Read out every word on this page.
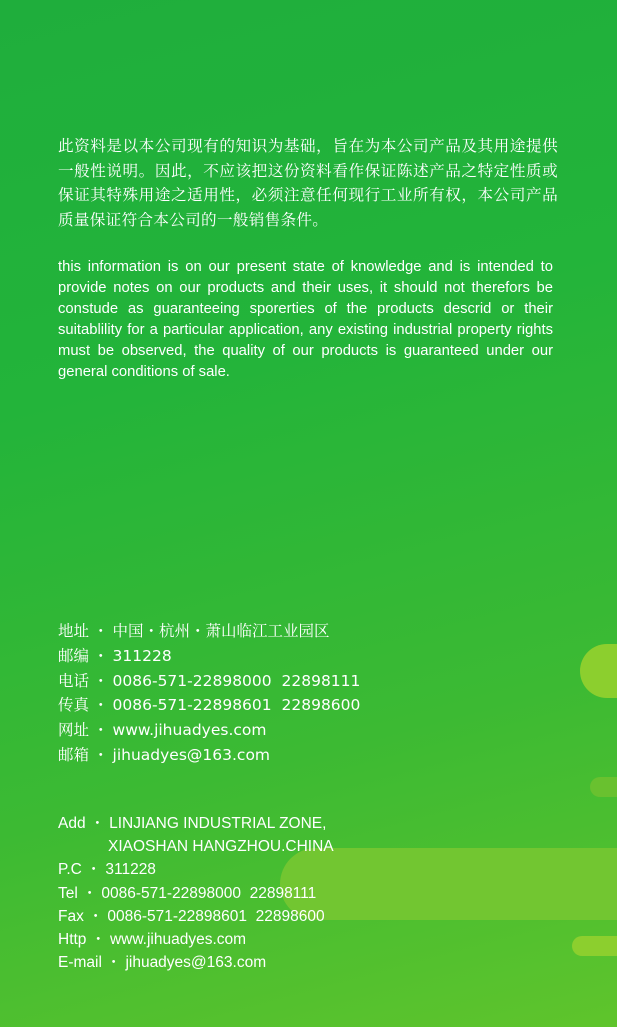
此资料是以本公司现有的知识为基础，旨在为本公司产品及其用途提供一般性说明。因此，不应该把这份资料看作保证陈述产品之特定性质或保证其特殊用途之适用性，必须注意任何现行工业所有权，本公司产品质量保证符合本公司的一般销售条件。

this information is on our present state of knowledge and is intended to provide notes on our products and their uses, it should not therefors be constude as guaranteeing sporerties of the products descrid or their suitablility for a particular application, any existing industrial property rights must be observed, the quality of our products is guaranteed under our general conditions of sale.

地址 ・ 中国・杭州・萧山临江工业园区
邮编 ・ 311228
电话 ・ 0086-571-22898000  22898111
传真 ・ 0086-571-22898601  22898600
网址 ・ www.jihuadyes.com
邮箱 ・ jihuadyes@163.com
Add ・ LINJIANG INDUSTRIAL ZONE,
XIAOSHAN HANGZHOU.CHINA
P.C ・ 311228
Tel ・ 0086-571-22898000  22898111
Fax ・ 0086-571-22898601  22898600
Http ・ www.jihuadyes.com
E-mail ・ jihuadyes@163.com
